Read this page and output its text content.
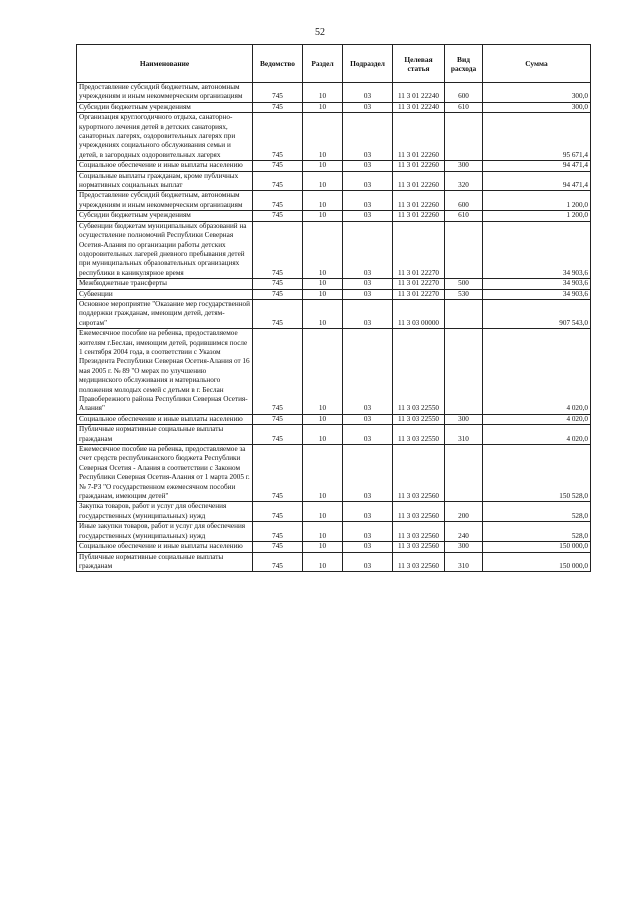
52
Наименование	Ведомство	Раздел	Подраздел	Целевая статья	Вид расхода	Сумма
Предоставление субсидий бюджетным, автономным учреждениям и иным некоммерческим организациям	745	10	03	11 3 01 22240	600	300,0
Субсидии бюджетным учреждениям	745	10	03	11 3 01 22240	610	300,0
Организация круглогодичного отдыха, санаторно-курортного лечения детей в детских санаториях, санаторных лагерях, оздоровительных лагерях при учреждениях социального обслуживания семьи и детей, в загородных оздоровительных лагерях	745	10	03	11 3 01 22260		95 671,4
Социальное обеспечение и иные выплаты населению	745	10	03	11 3 01 22260	300	94 471,4
Социальные выплаты гражданам, кроме публичных нормативных социальных выплат	745	10	03	11 3 01 22260	320	94 471,4
Предоставление субсидий бюджетным, автономным учреждениям и иным некоммерческим организациям	745	10	03	11 3 01 22260	600	1 200,0
Субсидии бюджетным учреждениям	745	10	03	11 3 01 22260	610	1 200,0
Субвенции бюджетам муниципальных образований на осуществление полномочий Республики Северная Осетия-Алания по организации работы детских оздоровительных лагерей дневного пребывания детей при муниципальных образовательных организациях республики в каникулярное время	745	10	03	11 3 01 22270		34 903,6
Межбюджетные трансферты	745	10	03	11 3 01 22270	500	34 903,6
Субвенции	745	10	03	11 3 01 22270	530	34 903,6
Основное мероприятие "Оказание мер государственной поддержки гражданам, имеющим детей, детям-сиротам"	745	10	03	11 3 03 00000		907 543,0
Ежемесячное пособие на ребенка, предоставляемое жителям г.Беслан, имеющим детей, родившимся после 1 сентября 2004 года, в соответствии с Указом Президента Республики Северная Осетия-Алания от 16 мая 2005 г. № 89 "О мерах по улучшению медицинского обслуживания и материального положения молодых семей с детьми в г. Беслан Правобережного района Республики Северная Осетия-Алания"	745	10	03	11 3 03 22550		4 020,0
Социальное обеспечение и иные выплаты населению	745	10	03	11 3 03 22550	300	4 020,0
Публичные нормативные социальные выплаты гражданам	745	10	03	11 3 03 22550	310	4 020,0
Ежемесячное пособие на ребенка, предоставляемое за счет средств республиканского бюджета Республики Северная Осетия - Алания в соответствии с Законом Республики Северная Осетия-Алания от 1 марта 2005 г. № 7-РЗ "О государственном ежемесячном пособии гражданам, имеющим детей"	745	10	03	11 3 03 22560		150 528,0
Закупка товаров, работ и услуг для обеспечения государственных (муниципальных) нужд	745	10	03	11 3 03 22560	200	528,0
Иные закупки товаров, работ и услуг для обеспечения государственных (муниципальных) нужд	745	10	03	11 3 03 22560	240	528,0
Социальное обеспечение и иные выплаты населению	745	10	03	11 3 03 22560	300	150 000,0
Публичные нормативные социальные выплаты гражданам	745	10	03	11 3 03 22560	310	150 000,0
